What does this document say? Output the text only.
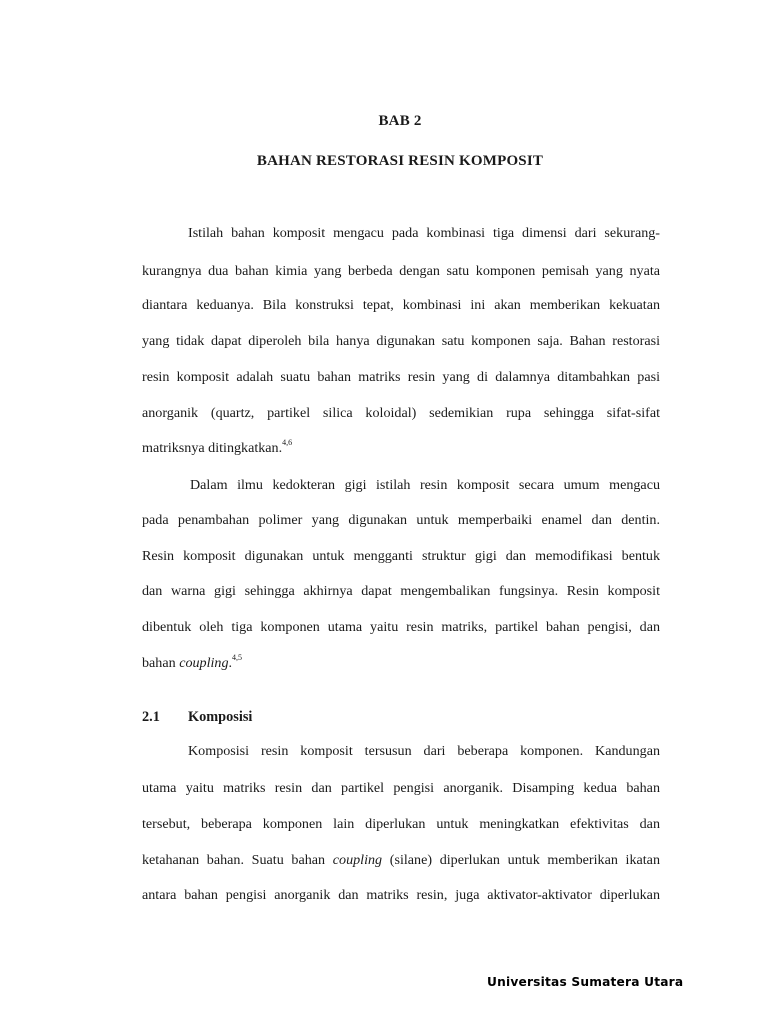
BAB 2
BAHAN RESTORASI RESIN KOMPOSIT
Istilah bahan komposit mengacu pada kombinasi tiga dimensi dari sekurang-
kurangnya dua bahan kimia yang berbeda dengan satu komponen pemisah yang nyata
diantara keduanya. Bila konstruksi tepat, kombinasi ini akan memberikan kekuatan
yang tidak dapat diperoleh bila hanya digunakan satu komponen saja. Bahan restorasi
resin komposit adalah suatu bahan matriks resin yang di dalamnya ditambahkan pasi
anorganik (quartz, partikel silica koloidal) sedemikian rupa sehingga sifat-sifat
matriksnya ditingkatkan.$^{4,6}$
Dalam ilmu kedokteran gigi istilah resin komposit secara umum mengacu
pada penambahan polimer yang digunakan untuk memperbaiki enamel dan dentin.
Resin komposit digunakan untuk mengganti struktur gigi dan memodifikasi bentuk
dan warna gigi sehingga akhirnya dapat mengembalikan fungsinya. Resin komposit
dibentuk oleh tiga komponen utama yaitu resin matriks, partikel bahan pengisi, dan
bahan coupling.$^{4,5}$
2.1 Komposisi
Komposisi resin komposit tersusun dari beberapa komponen. Kandungan
utama yaitu matriks resin dan partikel pengisi anorganik. Disamping kedua bahan
tersebut, beberapa komponen lain diperlukan untuk meningkatkan efektivitas dan
ketahanan bahan. Suatu bahan coupling (silane) diperlukan untuk memberikan ikatan
antara bahan pengisi anorganik dan matriks resin, juga aktivator-aktivator diperlukan
Universitas Sumatera Utara
